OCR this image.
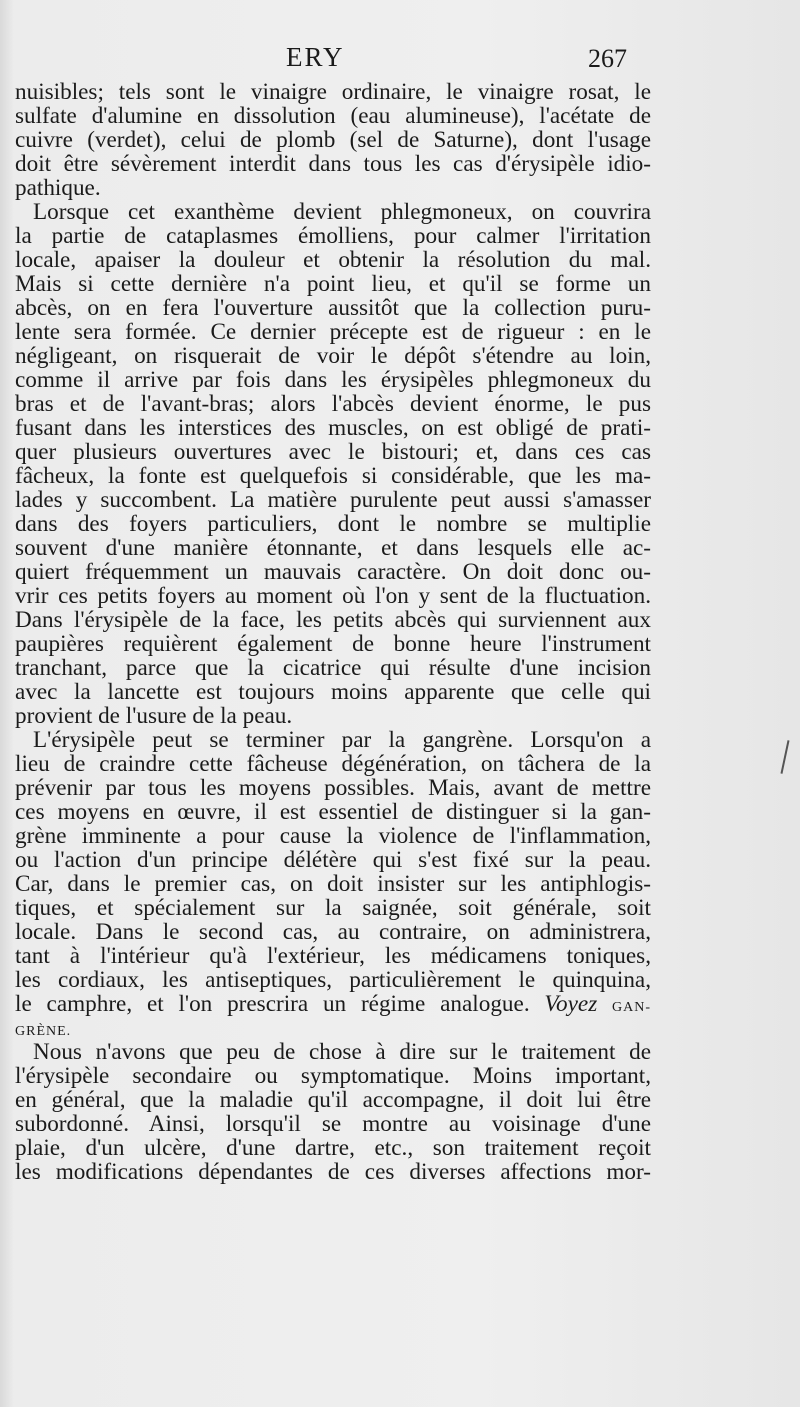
ERY	267
nuisibles; tels sont le vinaigre ordinaire, le vinaigre rosat, le
sulfate d'alumine en dissolution (eau alumineuse), l'acétate de
cuivre (verdet), celui de plomb (sel de Saturne), dont l'usage
doit être sévèrement interdit dans tous les cas d'érysipèle idio-
pathique.
Lorsque cet exanthème devient phlegmoneux, on couvrira
la partie de cataplasmes émolliens, pour calmer l'irritation
locale, apaiser la douleur et obtenir la résolution du mal.
Mais si cette dernière n'a point lieu, et qu'il se forme un
abcès, on en fera l'ouverture aussitôt que la collection puru-
lente sera formée. Ce dernier précepte est de rigueur : en le
négligeant, on risquerait de voir le dépôt s'étendre au loin,
comme il arrive par fois dans les érysipèles phlegmoneux du
bras et de l'avant-bras; alors l'abcès devient énorme, le pus
fusant dans les interstices des muscles, on est obligé de prati-
quer plusieurs ouvertures avec le bistouri; et, dans ces cas
fâcheux, la fonte est quelquefois si considérable, que les ma-
lades y succombent. La matière purulente peut aussi s'amasser
dans des foyers particuliers, dont le nombre se multiplie
souvent d'une manière étonnante, et dans lesquels elle ac-
quiert fréquemment un mauvais caractère. On doit donc ou-
vrir ces petits foyers au moment où l'on y sent de la fluctuation.
Dans l'érysipèle de la face, les petits abcès qui surviennent aux
paupières requièrent également de bonne heure l'instrument
tranchant, parce que la cicatrice qui résulte d'une incision
avec la lancette est toujours moins apparente que celle qui
provient de l'usure de la peau.
L'érysipèle peut se terminer par la gangrène. Lorsqu'on a
lieu de craindre cette fâcheuse dégénération, on tâchera de la
prévenir par tous les moyens possibles. Mais, avant de mettre
ces moyens en œuvre, il est essentiel de distinguer si la gan-
grène imminente a pour cause la violence de l'inflammation,
ou l'action d'un principe délétère qui s'est fixé sur la peau.
Car, dans le premier cas, on doit insister sur les antiphlogis-
tiques, et spécialement sur la saignée, soit générale, soit
locale. Dans le second cas, au contraire, on administrera,
tant à l'intérieur qu'à l'extérieur, les médicamens toniques,
les cordiaux, les antiseptiques, particulièrement le quinquina,
le camphre, et l'on prescrira un régime analogue. Voyez GAN-
GRÈNE.
Nous n'avons que peu de chose à dire sur le traitement de
l'érysipèle secondaire ou symptomatique. Moins important,
en général, que la maladie qu'il accompagne, il doit lui être
subordonné. Ainsi, lorsqu'il se montre au voisinage d'une
plaie, d'un ulcère, d'une dartre, etc., son traitement reçoit
les modifications dépendantes de ces diverses affections mor-
